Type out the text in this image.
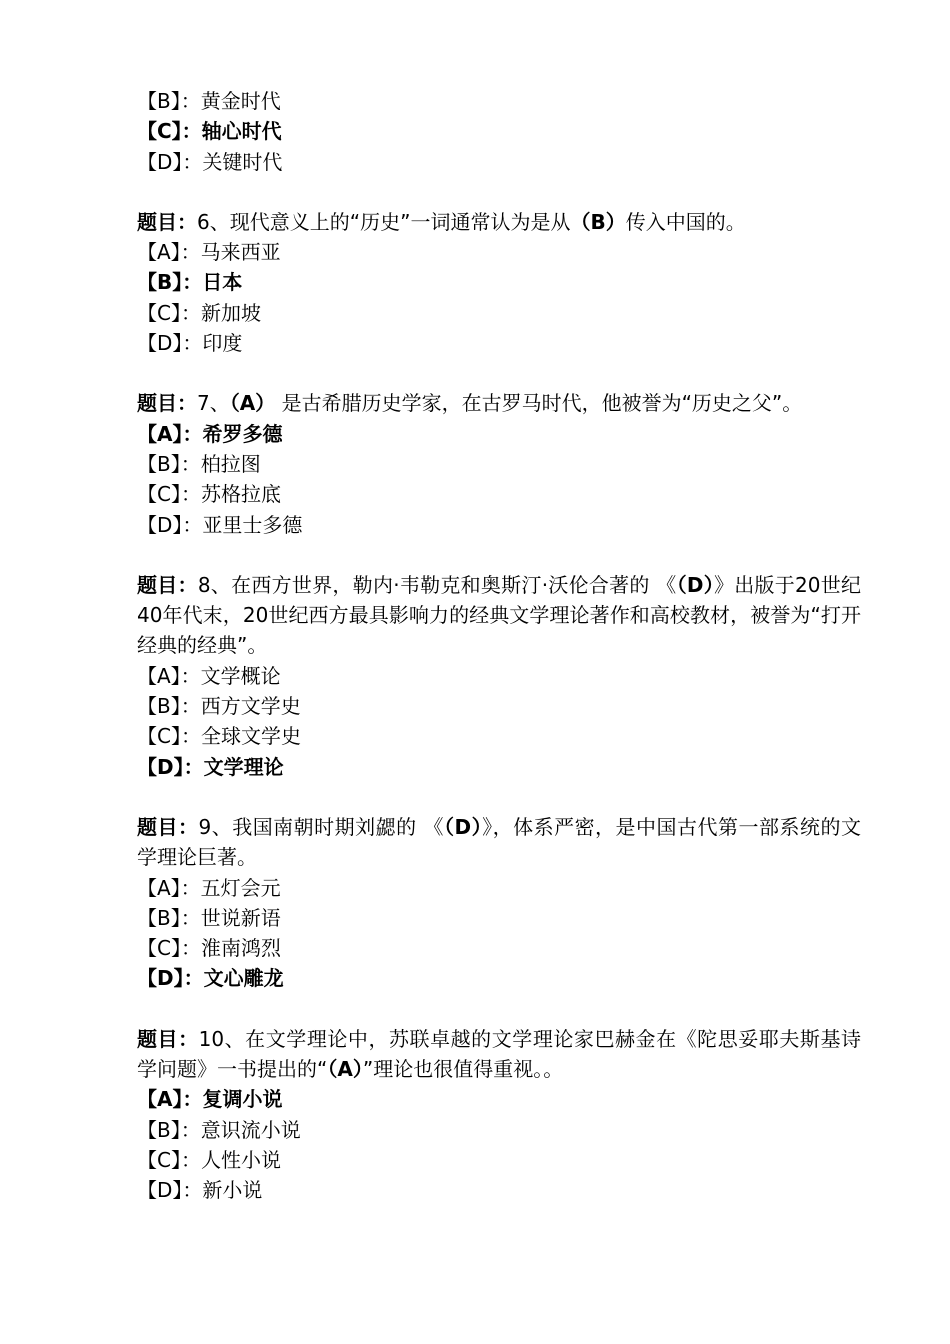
【B】：黄金时代

【C】：轴心时代

【D】：关键时代

题目：6、现代意义上的“历史”一词通常认为是从（B）传入中国的。

【A】：马来西亚

【B】：日本

【C】：新加坡

【D】：印度

题目：7、（A） 是古希腊历史学家，在古罗马时代，他被誉为“历史之父”。

【A】：希罗多德

【B】：柏拉图

【C】：苏格拉底

【D】：亚里士多德

题目：8、在西方世界，勒内·韦勒克和奥斯汀·沃伦合著的 《（D）》出版于20世纪40年代末，20世纪西方最具影响力的经典文学理论著作和高校教材，被誉为“打开经典的经典”。

【A】：文学概论

【B】：西方文学史

【C】：全球文学史

【D】：文学理论

题目：9、我国南朝时期刘勰的 《（D）》，体系严密，是中国古代第一部系统的文学理论巨著。

【A】：五灯会元

【B】：世说新语

【C】：淮南鸿烈

【D】：文心雕龙

题目：10、在文学理论中，苏联卓越的文学理论家巴赫金在《陀思妥耶夫斯基诗学问题》一书提出的“（A）”理论也很值得重视。。

【A】：复调小说

【B】：意识流小说

【C】：人性小说

【D】：新小说
